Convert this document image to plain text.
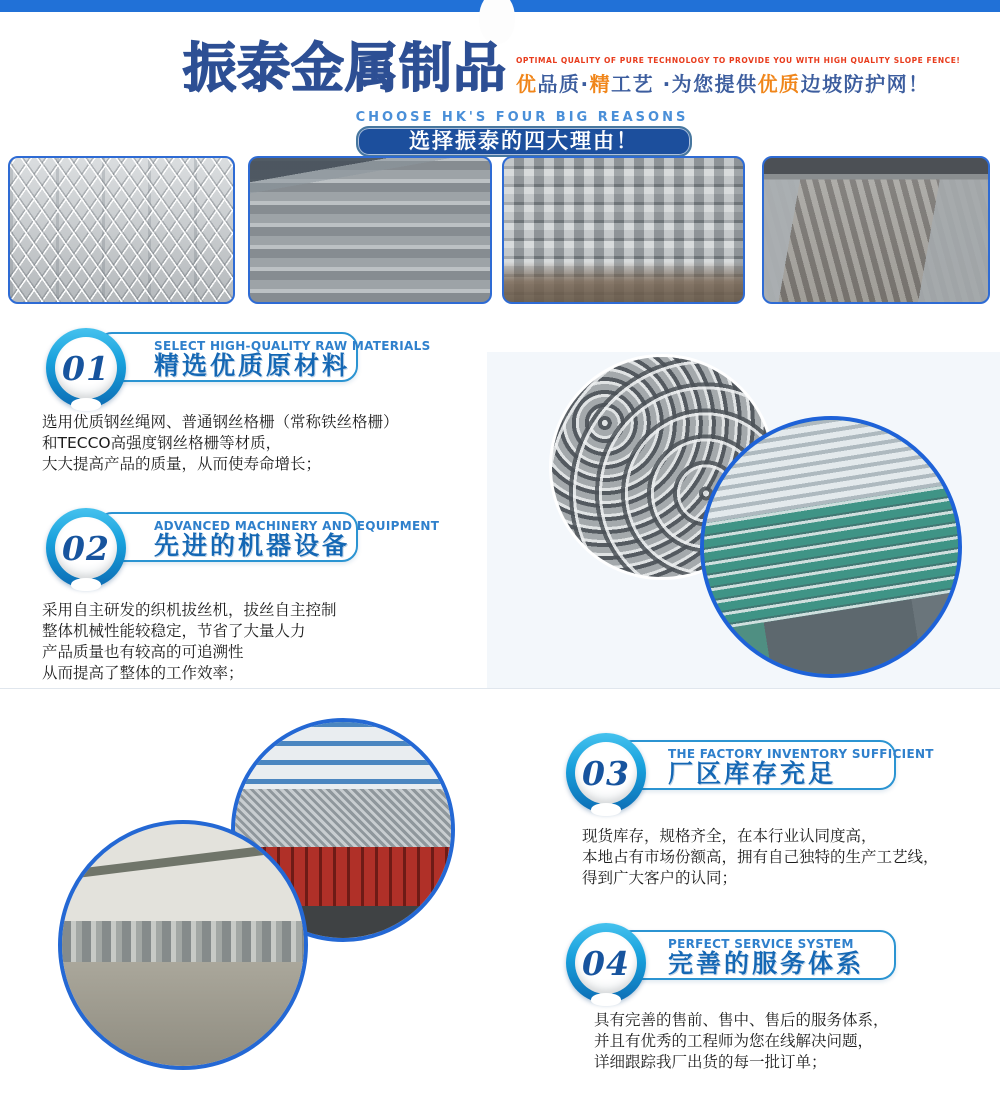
振泰金属制品 OPTIMAL QUALITY OF PURE TECHNOLOGY TO PROVIDE YOU WITH HIGH QUALITY SLOPE FENCE!
优品质·精工艺 ·为您提供优质边坡防护网！
CHOOSE HK'S FOUR BIG REASONS
选择振泰的四大理由！
SELECT HIGH-QUALITY RAW MATERIALS
精选优质原材料
01
选用优质钢丝绳网、普通钢丝格栅（常称铁丝格栅）
和TECCO高强度钢丝格栅等材质，
大大提高产品的质量，从而使寿命增长；
ADVANCED MACHINERY AND EQUIPMENT
先进的机器设备
02
采用自主研发的织机拔丝机，拔丝自主控制
整体机械性能较稳定，节省了大量人力
产品质量也有较高的可追溯性
从而提高了整体的工作效率；
THE FACTORY INVENTORY SUFFICIENT
厂区库存充足
03
现货库存，规格齐全，在本行业认同度高，
本地占有市场份额高，拥有自己独特的生产工艺线，
得到广大客户的认同；
PERFECT SERVICE SYSTEM
完善的服务体系
04
具有完善的售前、售中、售后的服务体系，
并且有优秀的工程师为您在线解决问题，
详细跟踪我厂出货的每一批订单；
